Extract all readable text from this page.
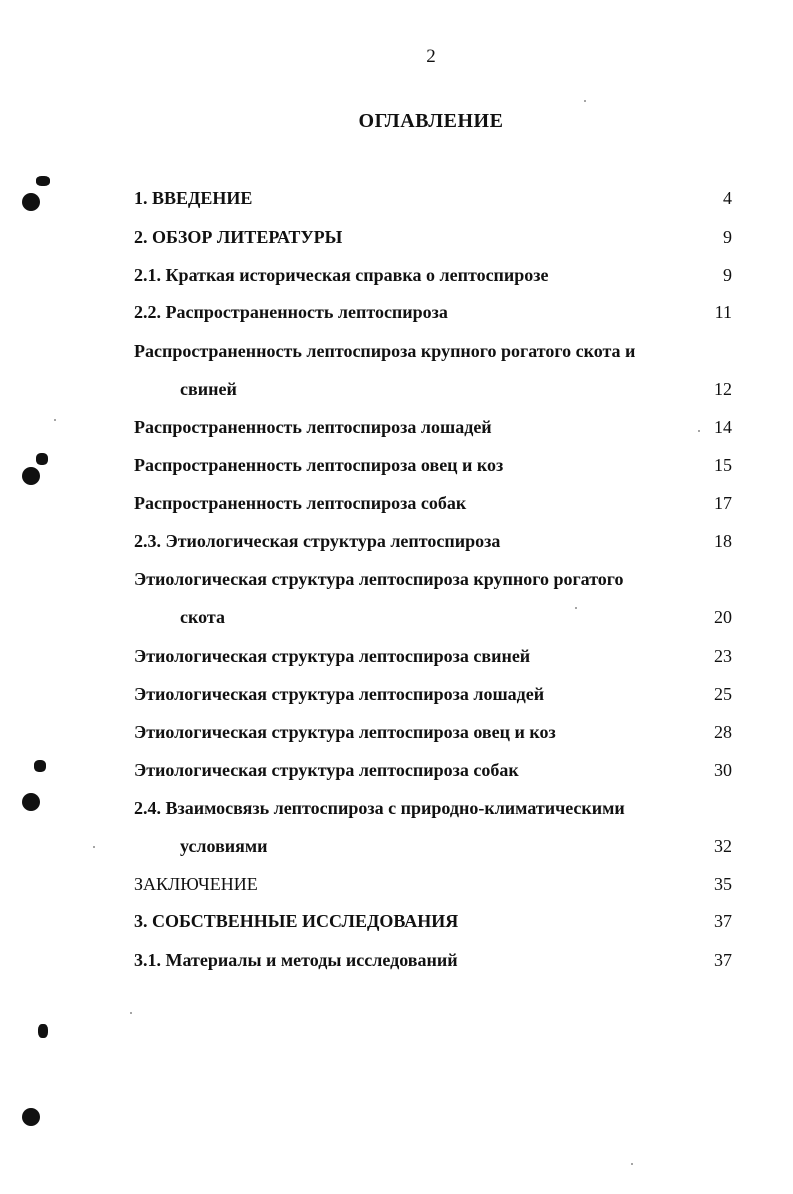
2
ОГЛАВЛЕНИЕ
1. ВВЕДЕНИЕ	4
2. ОБЗОР ЛИТЕРАТУРЫ	9
2.1. Краткая историческая справка о лептоспирозе	9
2.2. Распространенность лептоспироза	11
Распространенность лептоспироза крупного рогатого скота и
свиней	12
Распространенность лептоспироза лошадей	14
Распространенность лептоспироза овец и коз	15
Распространенность лептоспироза собак	17
2.3. Этиологическая структура лептоспироза	18
Этиологическая структура лептоспироза крупного рогатого
скота	20
Этиологическая структура лептоспироза свиней	23
Этиологическая структура лептоспироза лошадей	25
Этиологическая структура лептоспироза овец и коз	28
Этиологическая структура лептоспироза собак	30
2.4. Взаимосвязь лептоспироза с природно-климатическими
условиями	32
ЗАКЛЮЧЕНИЕ	35
3. СОБСТВЕННЫЕ ИССЛЕДОВАНИЯ	37
3.1. Материалы и методы исследований	37
